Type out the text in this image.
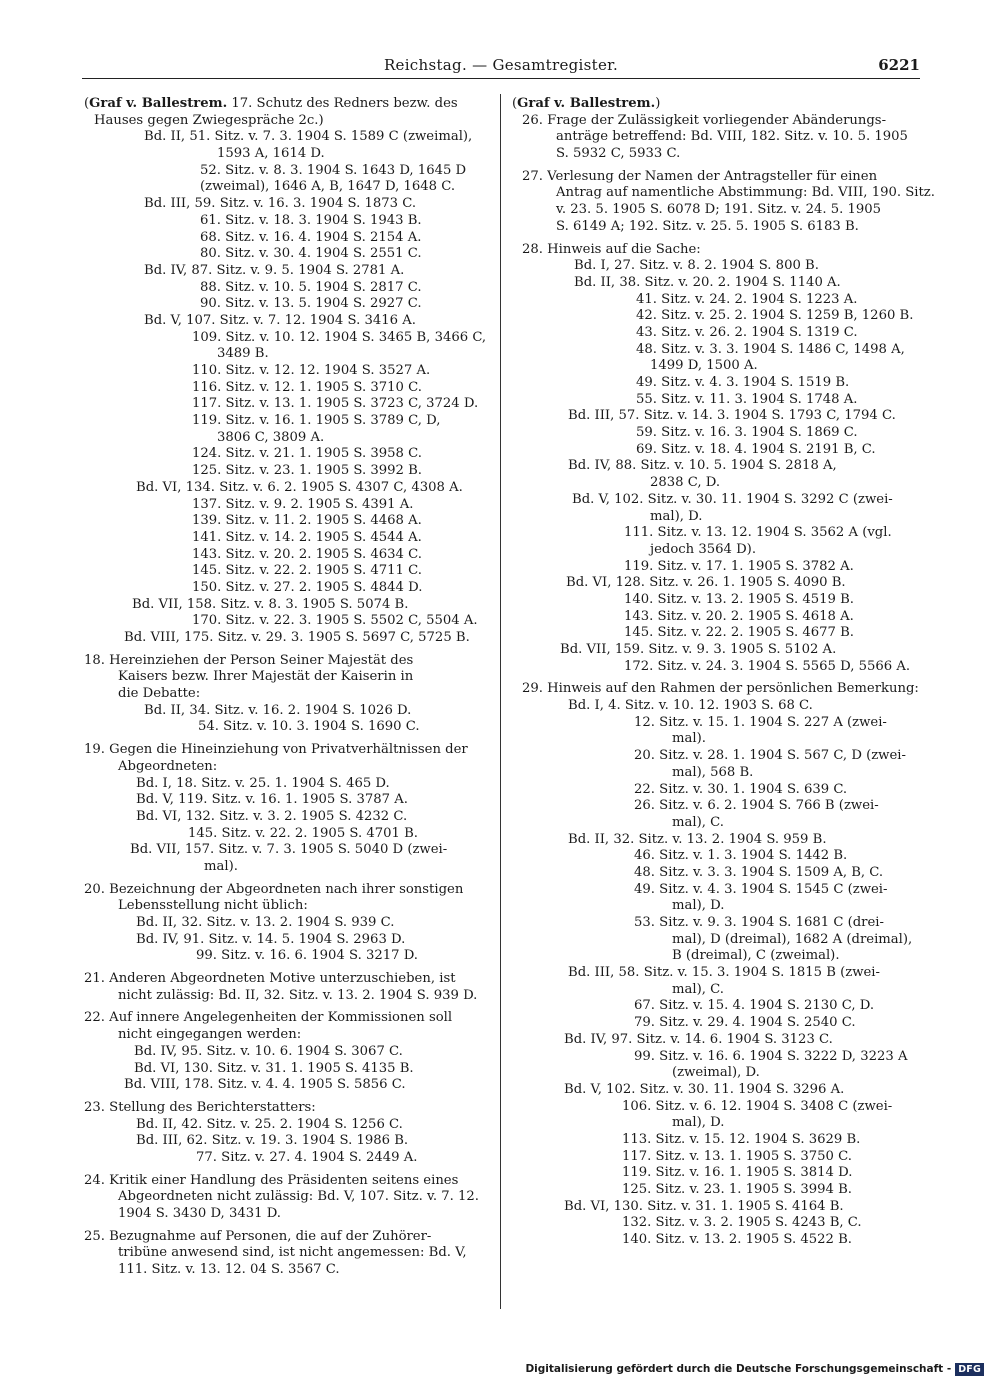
Reichstag. — Gesamtregister.	6221
(Graf v. Ballestrem. 17. Schutz des Redners bezw. des
Hauses gegen Zwiegespräche 2c.)
Bd. II, 51. Sitz. v. 7. 3. 1904 S. 1589 C (zweimal),
1593 A, 1614 D.
52. Sitz. v. 8. 3. 1904 S. 1643 D, 1645 D
(zweimal), 1646 A, B, 1647 D, 1648 C.
Bd. III, 59. Sitz. v. 16. 3. 1904 S. 1873 C.
61. Sitz. v. 18. 3. 1904 S. 1943 B.
68. Sitz. v. 16. 4. 1904 S. 2154 A.
80. Sitz. v. 30. 4. 1904 S. 2551 C.
Bd. IV, 87. Sitz. v. 9. 5. 1904 S. 2781 A.
88. Sitz. v. 10. 5. 1904 S. 2817 C.
90. Sitz. v. 13. 5. 1904 S. 2927 C.
Bd. V, 107. Sitz. v. 7. 12. 1904 S. 3416 A.
109. Sitz. v. 10. 12. 1904 S. 3465 B, 3466 C,
3489 B.
110. Sitz. v. 12. 12. 1904 S. 3527 A.
116. Sitz. v. 12. 1. 1905 S. 3710 C.
117. Sitz. v. 13. 1. 1905 S. 3723 C, 3724 D.
119. Sitz. v. 16. 1. 1905 S. 3789 C, D,
3806 C, 3809 A.
124. Sitz. v. 21. 1. 1905 S. 3958 C.
125. Sitz. v. 23. 1. 1905 S. 3992 B.
Bd. VI, 134. Sitz. v. 6. 2. 1905 S. 4307 C, 4308 A.
137. Sitz. v. 9. 2. 1905 S. 4391 A.
139. Sitz. v. 11. 2. 1905 S. 4468 A.
141. Sitz. v. 14. 2. 1905 S. 4544 A.
143. Sitz. v. 20. 2. 1905 S. 4634 C.
145. Sitz. v. 22. 2. 1905 S. 4711 C.
150. Sitz. v. 27. 2. 1905 S. 4844 D.
Bd. VII, 158. Sitz. v. 8. 3. 1905 S. 5074 B.
170. Sitz. v. 22. 3. 1905 S. 5502 C, 5504 A.
Bd. VIII, 175. Sitz. v. 29. 3. 1905 S. 5697 C, 5725 B.
18. Hereinziehen der Person Seiner Majestät des
Kaisers bezw. Ihrer Majestät der Kaiserin in
die Debatte:
Bd. II, 34. Sitz. v. 16. 2. 1904 S. 1026 D.
54. Sitz. v. 10. 3. 1904 S. 1690 C.
19. Gegen die Hineinziehung von Privatverhältnissen der
Abgeordneten:
Bd. I, 18. Sitz. v. 25. 1. 1904 S. 465 D.
Bd. V, 119. Sitz. v. 16. 1. 1905 S. 3787 A.
Bd. VI, 132. Sitz. v. 3. 2. 1905 S. 4232 C.
145. Sitz. v. 22. 2. 1905 S. 4701 B.
Bd. VII, 157. Sitz. v. 7. 3. 1905 S. 5040 D (zwei-
mal).
20. Bezeichnung der Abgeordneten nach ihrer sonstigen
Lebensstellung nicht üblich:
Bd. II, 32. Sitz. v. 13. 2. 1904 S. 939 C.
Bd. IV, 91. Sitz. v. 14. 5. 1904 S. 2963 D.
99. Sitz. v. 16. 6. 1904 S. 3217 D.
21. Anderen Abgeordneten Motive unterzuschieben, ist
nicht zulässig: Bd. II, 32. Sitz. v. 13. 2. 1904 S. 939 D.
22. Auf innere Angelegenheiten der Kommissionen soll
nicht eingegangen werden:
Bd. IV, 95. Sitz. v. 10. 6. 1904 S. 3067 C.
Bd. VI, 130. Sitz. v. 31. 1. 1905 S. 4135 B.
Bd. VIII, 178. Sitz. v. 4. 4. 1905 S. 5856 C.
23. Stellung des Berichterstatters:
Bd. II, 42. Sitz. v. 25. 2. 1904 S. 1256 C.
Bd. III, 62. Sitz. v. 19. 3. 1904 S. 1986 B.
77. Sitz. v. 27. 4. 1904 S. 2449 A.
24. Kritik einer Handlung des Präsidenten seitens eines
Abgeordneten nicht zulässig: Bd. V, 107. Sitz. v. 7. 12.
1904 S. 3430 D, 3431 D.
25. Bezugnahme auf Personen, die auf der Zuhörer-
tribüne anwesend sind, ist nicht angemessen: Bd. V,
111. Sitz. v. 13. 12. 04 S. 3567 C.
(Graf v. Ballestrem.)
26. Frage der Zulässigkeit vorliegender Abänderungs-
anträge betreffend: Bd. VIII, 182. Sitz. v. 10. 5. 1905
S. 5932 C, 5933 C.
27. Verlesung der Namen der Antragsteller für einen
Antrag auf namentliche Abstimmung: Bd. VIII, 190. Sitz.
v. 23. 5. 1905 S. 6078 D; 191. Sitz. v. 24. 5. 1905
S. 6149 A; 192. Sitz. v. 25. 5. 1905 S. 6183 B.
28. Hinweis auf die Sache:
Bd. I, 27. Sitz. v. 8. 2. 1904 S. 800 B.
Bd. II, 38. Sitz. v. 20. 2. 1904 S. 1140 A.
41. Sitz. v. 24. 2. 1904 S. 1223 A.
42. Sitz. v. 25. 2. 1904 S. 1259 B, 1260 B.
43. Sitz. v. 26. 2. 1904 S. 1319 C.
48. Sitz. v. 3. 3. 1904 S. 1486 C, 1498 A,
1499 D, 1500 A.
49. Sitz. v. 4. 3. 1904 S. 1519 B.
55. Sitz. v. 11. 3. 1904 S. 1748 A.
Bd. III, 57. Sitz. v. 14. 3. 1904 S. 1793 C, 1794 C.
59. Sitz. v. 16. 3. 1904 S. 1869 C.
69. Sitz. v. 18. 4. 1904 S. 2191 B, C.
Bd. IV, 88. Sitz. v. 10. 5. 1904 S. 2818 A,
2838 C, D.
Bd. V, 102. Sitz. v. 30. 11. 1904 S. 3292 C (zwei-
mal), D.
111. Sitz. v. 13. 12. 1904 S. 3562 A (vgl.
jedoch 3564 D).
119. Sitz. v. 17. 1. 1905 S. 3782 A.
Bd. VI, 128. Sitz. v. 26. 1. 1905 S. 4090 B.
140. Sitz. v. 13. 2. 1905 S. 4519 B.
143. Sitz. v. 20. 2. 1905 S. 4618 A.
145. Sitz. v. 22. 2. 1905 S. 4677 B.
Bd. VII, 159. Sitz. v. 9. 3. 1905 S. 5102 A.
172. Sitz. v. 24. 3. 1904 S. 5565 D, 5566 A.
29. Hinweis auf den Rahmen der persönlichen Bemerkung:
Bd. I, 4. Sitz. v. 10. 12. 1903 S. 68 C.
12. Sitz. v. 15. 1. 1904 S. 227 A (zwei-
mal).
20. Sitz. v. 28. 1. 1904 S. 567 C, D (zwei-
mal), 568 B.
22. Sitz. v. 30. 1. 1904 S. 639 C.
26. Sitz. v. 6. 2. 1904 S. 766 B (zwei-
mal), C.
Bd. II, 32. Sitz. v. 13. 2. 1904 S. 959 B.
46. Sitz. v. 1. 3. 1904 S. 1442 B.
48. Sitz. v. 3. 3. 1904 S. 1509 A, B, C.
49. Sitz. v. 4. 3. 1904 S. 1545 C (zwei-
mal), D.
53. Sitz. v. 9. 3. 1904 S. 1681 C (drei-
mal), D (dreimal), 1682 A (dreimal),
B (dreimal), C (zweimal).
Bd. III, 58. Sitz. v. 15. 3. 1904 S. 1815 B (zwei-
mal), C.
67. Sitz. v. 15. 4. 1904 S. 2130 C, D.
79. Sitz. v. 29. 4. 1904 S. 2540 C.
Bd. IV, 97. Sitz. v. 14. 6. 1904 S. 3123 C.
99. Sitz. v. 16. 6. 1904 S. 3222 D, 3223 A
(zweimal), D.
Bd. V, 102. Sitz. v. 30. 11. 1904 S. 3296 A.
106. Sitz. v. 6. 12. 1904 S. 3408 C (zwei-
mal), D.
113. Sitz. v. 15. 12. 1904 S. 3629 B.
117. Sitz. v. 13. 1. 1905 S. 3750 C.
119. Sitz. v. 16. 1. 1905 S. 3814 D.
125. Sitz. v. 23. 1. 1905 S. 3994 B.
Bd. VI, 130. Sitz. v. 31. 1. 1905 S. 4164 B.
132. Sitz. v. 3. 2. 1905 S. 4243 B, C.
140. Sitz. v. 13. 2. 1905 S. 4522 B.
Digitalisierung gefördert durch die Deutsche Forschungsgemeinschaft - DFG
